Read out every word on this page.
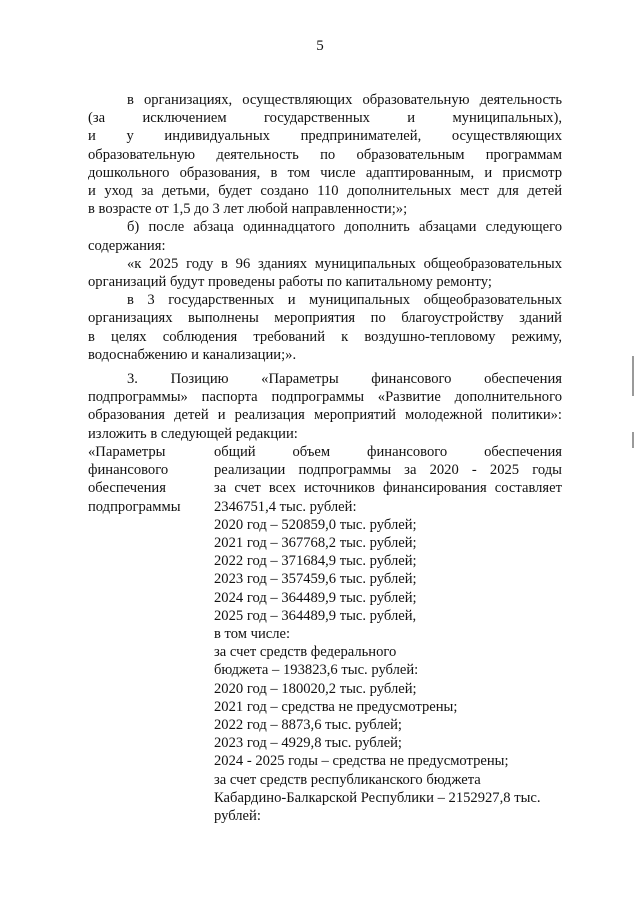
5

в организациях, осуществляющих образовательную деятельность
(за исключением государственных и муниципальных),
и у индивидуальных предпринимателей, осуществляющих
образовательную деятельность по образовательным программам
дошкольного образования, в том числе адаптированным, и присмотр
и уход за детьми, будет создано 110 дополнительных мест для детей
в возрасте от 1,5 до 3 лет любой направленности;»;

б) после абзаца одиннадцатого дополнить абзацами следующего
содержания:

«к 2025 году в 96 зданиях муниципальных общеобразовательных
организаций будут проведены работы по капитальному ремонту;

в 3 государственных и муниципальных общеобразовательных
организациях выполнены мероприятия по благоустройству зданий
в целях соблюдения требований к воздушно-тепловому режиму,
водоснабжению и канализации;».

3. Позицию «Параметры финансового обеспечения
подпрограммы» паспорта подпрограммы «Развитие дополнительного
образования детей и реализация мероприятий молодежной политики»:
изложить в следующей редакции:

«Параметры
финансового
обеспечения
подпрограммы
общий объем финансового обеспечения
реализации подпрограммы за 2020 - 2025 годы
за счет всех источников финансирования составляет
2346751,4 тыс. рублей:
2020 год – 520859,0 тыс. рублей;
2021 год – 367768,2 тыс. рублей;
2022 год – 371684,9 тыс. рублей;
2023 год – 357459,6 тыс. рублей;
2024 год – 364489,9 тыс. рублей;
2025 год – 364489,9 тыс. рублей,
в том числе:
за счет средств федерального
бюджета – 193823,6 тыс. рублей:
2020 год – 180020,2 тыс. рублей;
2021 год – средства не предусмотрены;
2022 год – 8873,6 тыс. рублей;
2023 год – 4929,8 тыс. рублей;
2024 - 2025 годы – средства не предусмотрены;
за счет средств республиканского бюджета
Кабардино-Балкарской Республики – 2152927,8 тыс.
рублей:
